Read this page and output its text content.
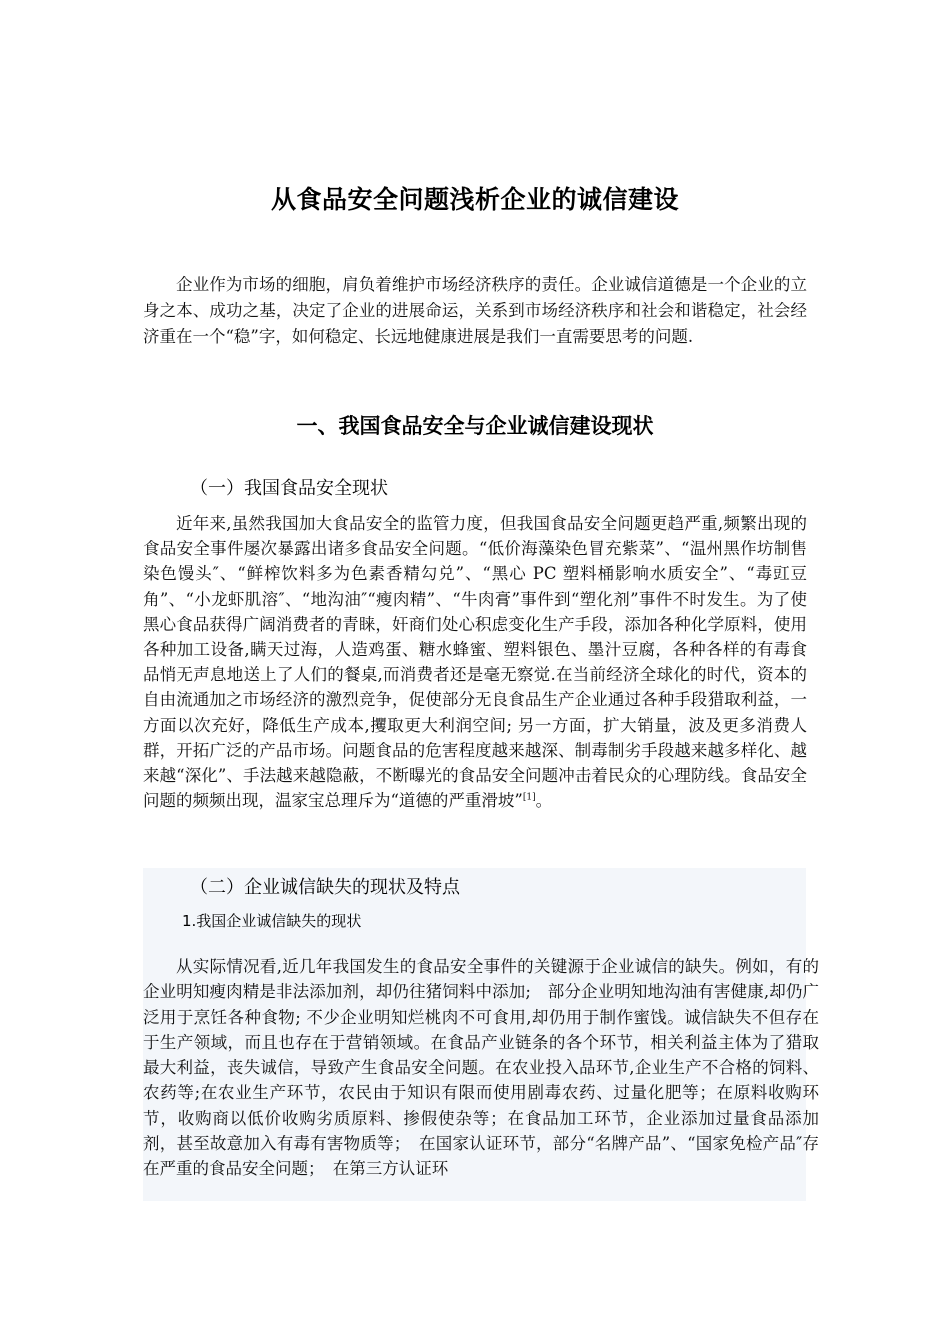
从食品安全问题浅析企业的诚信建设

企业作为市场的细胞，肩负着维护市场经济秩序的责任。企业诚信道德是一个企业的立身之本、成功之基，决定了企业的进展命运，关系到市场经济秩序和社会和谐稳定，社会经济重在一个“稳”字，如何稳定、长远地健康进展是我们一直需要思考的问题.

一、我国食品安全与企业诚信建设现状
（一）我国食品安全现状

近年来,虽然我国加大食品安全的监管力度，但我国食品安全问题更趋严重,频繁出现的食品安全事件屡次暴露出诸多食品安全问题。“低价海藻染色冒充紫菜”、“温州黑作坊制售染色馒头″、“鲜榨饮料多为色素香精勾兑”、“黑心 PC 塑料桶影响水质安全”、“毒豇豆角”、“小龙虾肌溶″、“地沟油″“瘦肉精”、“牛肉膏”事件到“塑化剂”事件不时发生。为了使黑心食品获得广阔消费者的青睐，奸商们处心积虑变化生产手段，添加各种化学原料，使用各种加工设备,瞒天过海，人造鸡蛋、糖水蜂蜜、塑料银色、墨汁豆腐，各种各样的有毒食品悄无声息地送上了人们的餐桌,而消费者还是毫无察觉.在当前经济全球化的时代，资本的自由流通加之市场经济的激烈竞争，促使部分无良食品生产企业通过各种手段猎取利益，一方面以次充好，降低生产成本,攫取更大利润空间; 另一方面，扩大销量，波及更多消费人群，开拓广泛的产品市场。问题食品的危害程度越来越深、制毒制劣手段越来越多样化、越来越“深化”、手法越来越隐蔽，不断曝光的食品安全问题冲击着民众的心理防线。食品安全问题的频频出现，温家宝总理斥为“道德的严重滑坡”[1]。

（二）企业诚信缺失的现状及特点
1.我国企业诚信缺失的现状

从实际情况看,近几年我国发生的食品安全事件的关键源于企业诚信的缺失。例如，有的企业明知瘦肉精是非法添加剂，却仍往猪饲料中添加;　部分企业明知地沟油有害健康,却仍广泛用于烹饪各种食物; 不少企业明知烂桃肉不可食用,却仍用于制作蜜饯。诚信缺失不但存在于生产领域，而且也存在于营销领域。在食品产业链条的各个环节，相关利益主体为了猎取最大利益，丧失诚信，导致产生食品安全问题。在农业投入品环节,企业生产不合格的饲料、农药等;在农业生产环节，农民由于知识有限而使用剧毒农药、过量化肥等；在原料收购环节，收购商以低价收购劣质原料、掺假使杂等；在食品加工环节，企业添加过量食品添加剂，甚至故意加入有毒有害物质等；　在国家认证环节，部分“名牌产品”、“国家免检产品″存在严重的食品安全问题；　在第三方认证环
